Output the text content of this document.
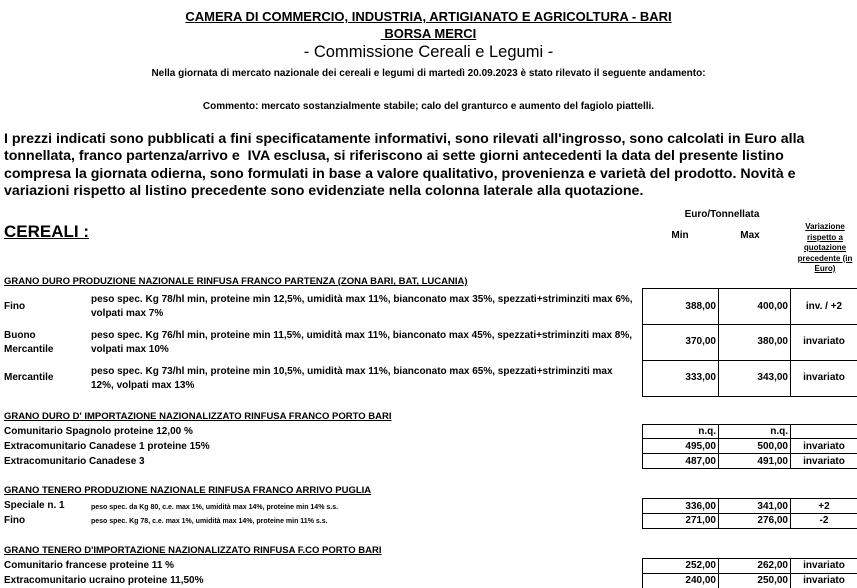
CAMERA DI COMMERCIO, INDUSTRIA, ARTIGIANATO E AGRICOLTURA - BARI
BORSA MERCI
- Commissione Cereali e Legumi -
Nella giornata di mercato nazionale dei cereali e legumi di martedì 20.09.2023 è stato rilevato il seguente andamento:
Commento: mercato sostanzialmente stabile; calo del granturco e aumento del fagiolo piattelli.
I prezzi indicati sono pubblicati a fini specificatamente informativi, sono rilevati all'ingrosso, sono calcolati in Euro alla
tonnellata, franco partenza/arrivo e  IVA esclusa, si riferiscono ai sette giorni antecedenti la data del presente listino
compresa la giornata odierna, sono formulati in base a valore qualitativo, provenienza e varietà del prodotto. Novità e
variazioni rispetto al listino precedente sono evidenziate nella colonna laterale alla quotazione.
CEREALI :
Euro/Tonnellata
Min	Max
Variazione rispetto a quotazione precedente (in Euro)
GRANO DURO PRODUZIONE NAZIONALE RINFUSA FRANCO PARTENZA (ZONA BARI, BAT, LUCANIA)
Fino
peso spec. Kg 78/hl min, proteine min 12,5%, umidità max 11%, bianconato max 35%, spezzati+striminziti max 6%, volpati max 7%
388,00	400,00	inv. / +2
Buono Mercantile
peso spec. Kg 76/hl min, proteine min 11,5%, umidità max 11%, bianconato max 45%, spezzati+striminziti max 8%, volpati max 10%
370,00	380,00	invariato
Mercantile
peso spec. Kg 73/hl min, proteine min 10,5%, umidità max 11%, bianconato max 65%, spezzati+striminziti max 12%, volpati max 13%
333,00	343,00	invariato
GRANO DURO D' IMPORTAZIONE NAZIONALIZZATO RINFUSA FRANCO PORTO BARI
Comunitario Spagnolo proteine 12,00 %	n.q.	n.q.
Extracomunitario Canadese 1 proteine 15%	495,00	500,00	invariato
Extracomunitario Canadese 3	487,00	491,00	invariato
GRANO TENERO PRODUZIONE NAZIONALE RINFUSA FRANCO ARRIVO PUGLIA
Speciale n. 1	peso spec. da Kg 80, c.e. max 1%, umidità max 14%, proteine min 14% s.s.	336,00	341,00	+2
Fino	peso spec. Kg 78, c.e. max 1%, umidità max 14%, proteine min 11% s.s.	271,00	276,00	-2
GRANO TENERO D'IMPORTAZIONE NAZIONALIZZATO RINFUSA F.CO PORTO BARI
Comunitario francese proteine 11 %	252,00	262,00	invariato
Extracomunitario ucraino proteine 11,50%	240,00	250,00	invariato
